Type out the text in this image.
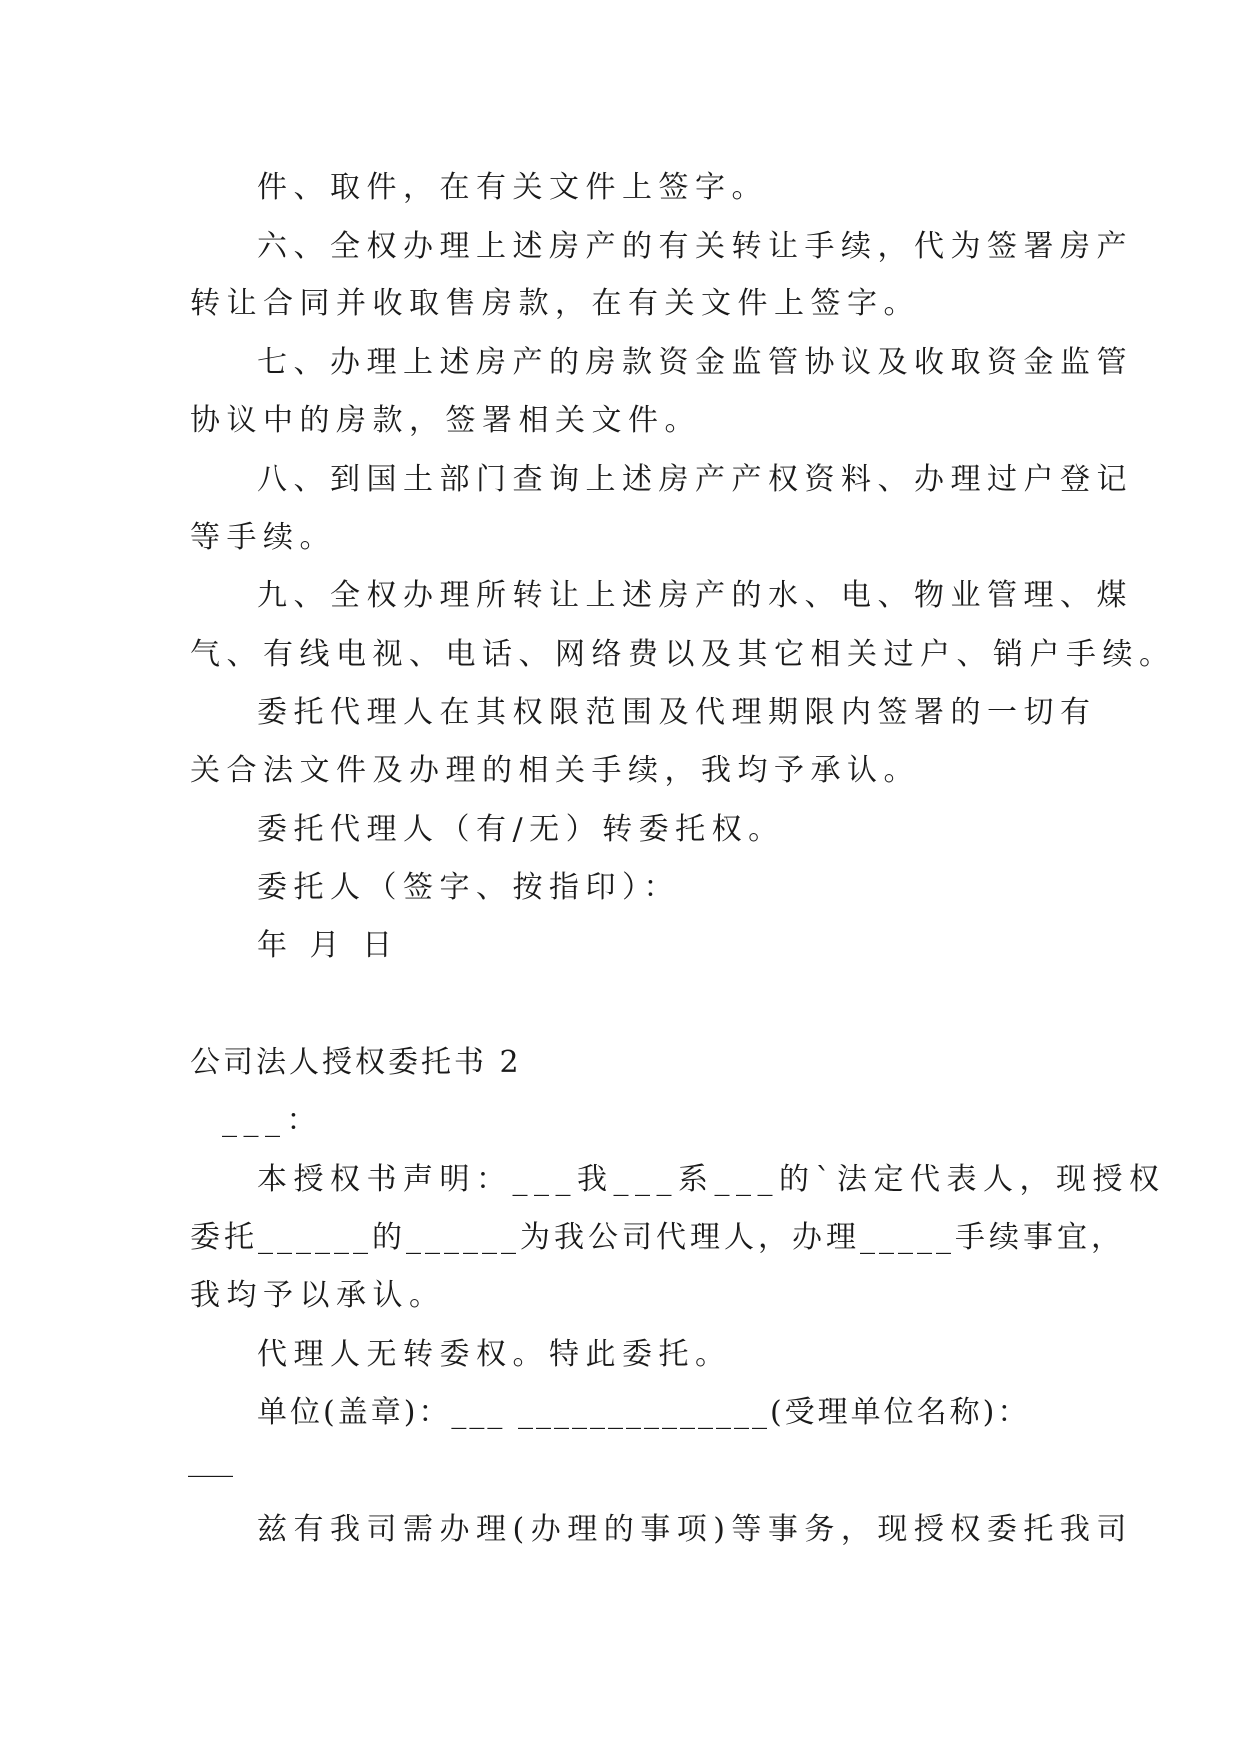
件、取件，在有关文件上签字。

六、全权办理上述房产的有关转让手续，代为签署房产

转让合同并收取售房款，在有关文件上签字。

七、办理上述房产的房款资金监管协议及收取资金监管

协议中的房款，签署相关文件。

八、到国土部门查询上述房产产权资料、办理过户登记

等手续。

九、全权办理所转让上述房产的水、电、物业管理、煤

气、有线电视、电话、网络费以及其它相关过户、销户手续。

委托代理人在其权限范围及代理期限内签署的一切有

关合法文件及办理的相关手续，我均予承认。

委托代理人（有/无）转委托权。

委托人（签字、按指印）：

年 月 日

公司法人授权委托书 2

___：

本授权书声明：___我___系___的`法定代表人，现授权

委托______的______为我公司代理人，办理_____手续事宜，

我均予以承认。

代理人无转委权。特此委托。

单位(盖章)：___ ______________(受理单位名称)：

___

兹有我司需办理(办理的事项)等事务，现授权委托我司
